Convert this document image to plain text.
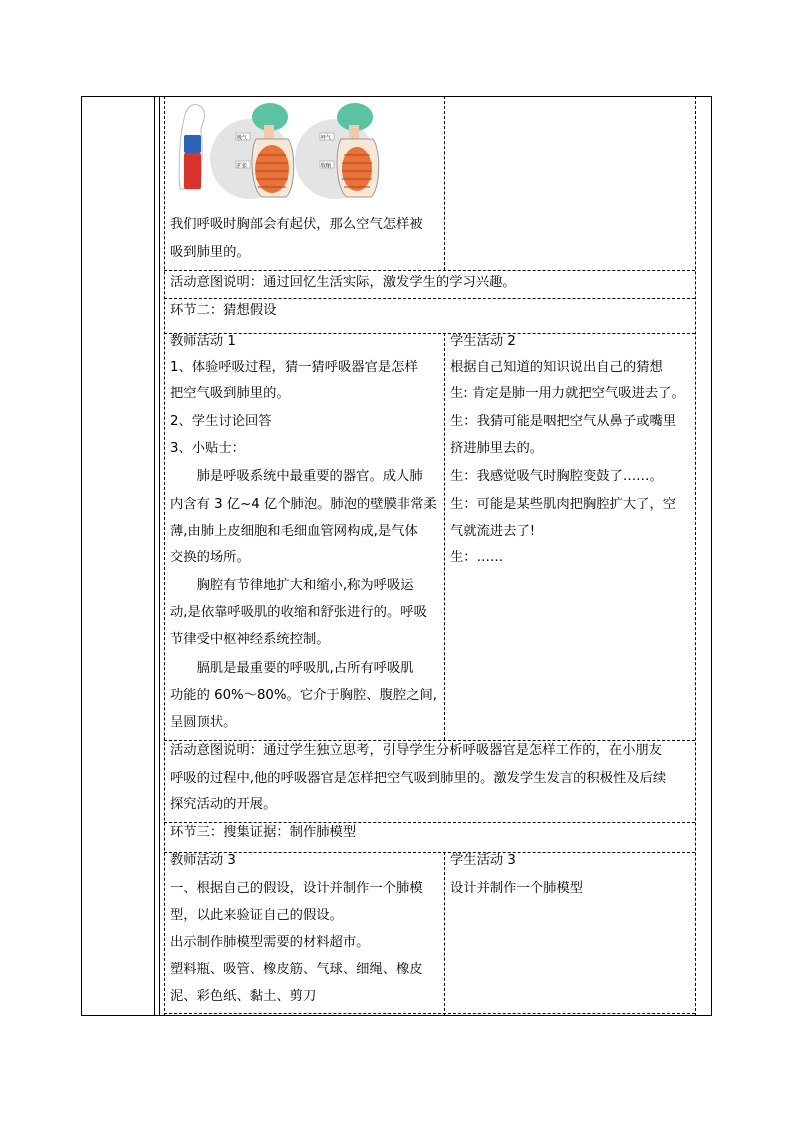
吸气
扩张
呼气
收缩
我们呼吸时胸部会有起伏，那么空气怎样被
吸到肺里的。
活动意图说明：通过回忆生活实际，激发学生的学习兴趣。
环节二：猜想假设
教师活动 1
1、体验呼吸过程，猜一猜呼吸器官是怎样
把空气吸到肺里的。
2、学生讨论回答
3、小贴士：
肺是呼吸系统中最重要的器官。成人肺
内含有 3 亿~4 亿个肺泡。肺泡的壁膜非常柔
薄,由肺上皮细胞和毛细血管网构成,是气体
交换的场所。
胸腔有节律地扩大和缩小,称为呼吸运
动,是依靠呼吸肌的收缩和舒张进行的。呼吸
节律受中枢神经系统控制。
膈肌是最重要的呼吸肌,占所有呼吸肌
功能的 60%～80%。它介于胸腔、腹腔之间,
呈圆顶状。
学生活动 2
根据自己知道的知识说出自己的猜想
生: 肯定是肺一用力就把空气吸进去了。
生：我猜可能是咽把空气从鼻子或嘴里
挤进肺里去的。
生：我感觉吸气时胸腔变鼓了……。
生：可能是某些肌肉把胸腔扩大了，空
气就流进去了!
生：……
活动意图说明：通过学生独立思考，引导学生分析呼吸器官是怎样工作的，在小朋友
呼吸的过程中,他的呼吸器官是怎样把空气吸到肺里的。激发学生发言的积极性及后续
探究活动的开展。
环节三：搜集证据：制作肺模型
教师活动 3
一、根据自己的假设，设计并制作一个肺模
型，以此来验证自己的假设。
出示制作肺模型需要的材料超市。
塑料瓶、吸管、橡皮筋、气球、细绳、橡皮
泥、彩色纸、黏土、剪刀
学生活动 3
设计并制作一个肺模型
